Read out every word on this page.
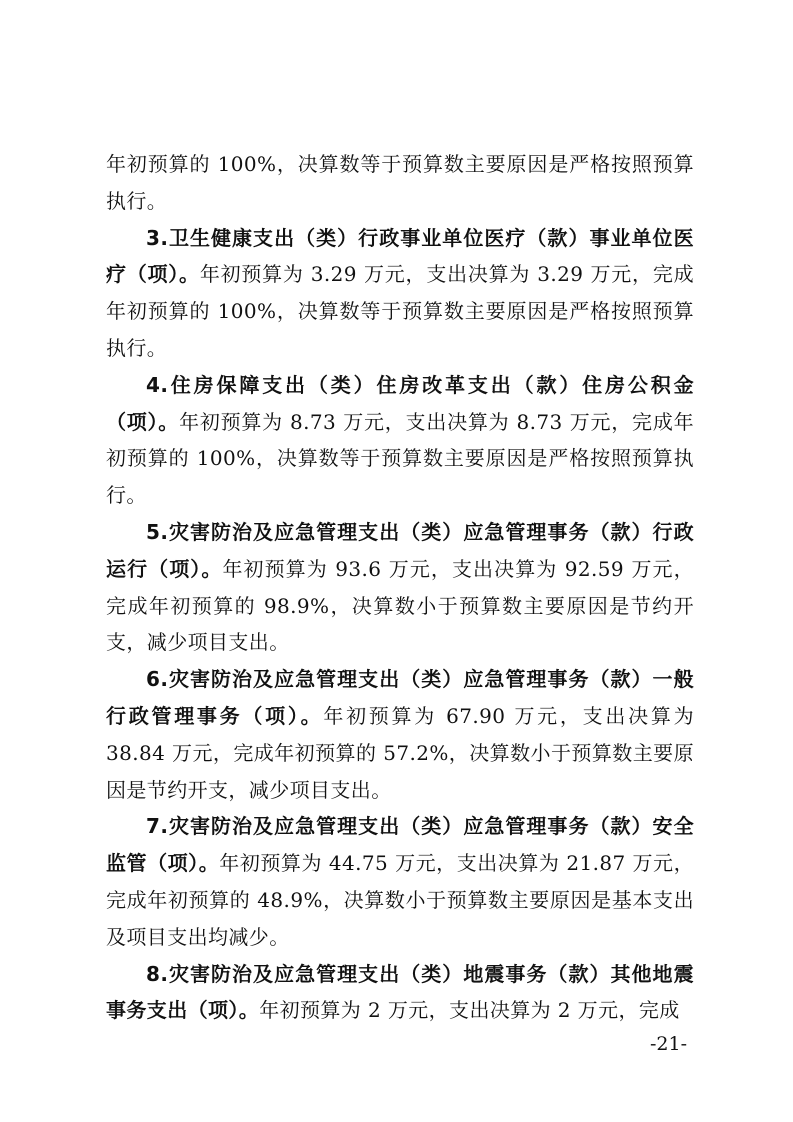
年初预算的 100%，决算数等于预算数主要原因是严格按照预算执行。

3.卫生健康支出（类）行政事业单位医疗（款）事业单位医疗（项）。年初预算为 3.29 万元，支出决算为 3.29 万元，完成年初预算的 100%，决算数等于预算数主要原因是严格按照预算执行。

4.住房保障支出（类）住房改革支出（款）住房公积金（项）。年初预算为 8.73 万元，支出决算为 8.73 万元，完成年初预算的 100%，决算数等于预算数主要原因是严格按照预算执行。

5.灾害防治及应急管理支出（类）应急管理事务（款）行政运行（项）。年初预算为 93.6 万元，支出决算为 92.59 万元，完成年初预算的 98.9%，决算数小于预算数主要原因是节约开支，减少项目支出。

6.灾害防治及应急管理支出（类）应急管理事务（款）一般行政管理事务（项）。年初预算为 67.90 万元，支出决算为 38.84 万元，完成年初预算的 57.2%，决算数小于预算数主要原因是节约开支，减少项目支出。

7.灾害防治及应急管理支出（类）应急管理事务（款）安全监管（项）。年初预算为 44.75 万元，支出决算为 21.87 万元，完成年初预算的 48.9%，决算数小于预算数主要原因是基本支出及项目支出均减少。

8.灾害防治及应急管理支出（类）地震事务（款）其他地震事务支出（项）。年初预算为 2 万元，支出决算为 2 万元，完成

-21-
